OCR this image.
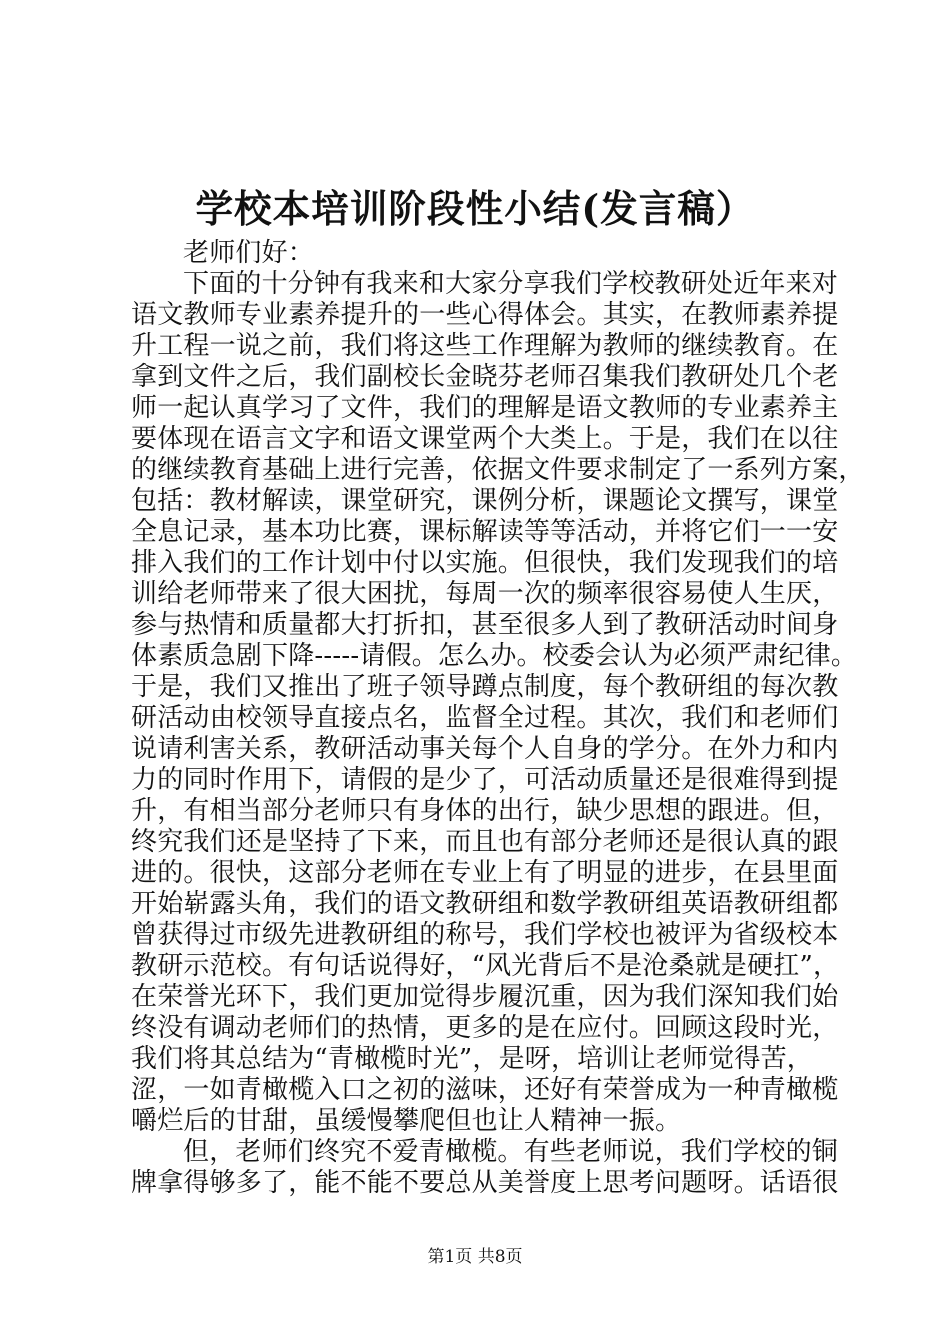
学校本培训阶段性小结(发言稿）
老师们好：
下面的十分钟有我来和大家分享我们学校教研处近年来对
语文教师专业素养提升的一些心得体会。其实，在教师素养提
升工程一说之前，我们将这些工作理解为教师的继续教育。在
拿到文件之后，我们副校长金晓芬老师召集我们教研处几个老
师一起认真学习了文件，我们的理解是语文教师的专业素养主
要体现在语言文字和语文课堂两个大类上。于是，我们在以往
的继续教育基础上进行完善，依据文件要求制定了一系列方案，
包括：教材解读，课堂研究，课例分析，课题论文撰写，课堂
全息记录，基本功比赛，课标解读等等活动，并将它们一一安
排入我们的工作计划中付以实施。但很快，我们发现我们的培
训给老师带来了很大困扰，每周一次的频率很容易使人生厌，
参与热情和质量都大打折扣，甚至很多人到了教研活动时间身
体素质急剧下降-----请假。怎么办。校委会认为必须严肃纪律。
于是，我们又推出了班子领导蹲点制度，每个教研组的每次教
研活动由校领导直接点名，监督全过程。其次，我们和老师们
说请利害关系，教研活动事关每个人自身的学分。在外力和内
力的同时作用下，请假的是少了，可活动质量还是很难得到提
升，有相当部分老师只有身体的出行，缺少思想的跟进。但，
终究我们还是坚持了下来，而且也有部分老师还是很认真的跟
进的。很快，这部分老师在专业上有了明显的进步，在县里面
开始崭露头角，我们的语文教研组和数学教研组英语教研组都
曾获得过市级先进教研组的称号，我们学校也被评为省级校本
教研示范校。有句话说得好，“风光背后不是沧桑就是硬扛”，
在荣誉光环下，我们更加觉得步履沉重，因为我们深知我们始
终没有调动老师们的热情，更多的是在应付。回顾这段时光，
我们将其总结为“青橄榄时光”，是呀，培训让老师觉得苦，
涩，一如青橄榄入口之初的滋味，还好有荣誉成为一种青橄榄
嚼烂后的甘甜，虽缓慢攀爬但也让人精神一振。
但，老师们终究不爱青橄榄。有些老师说，我们学校的铜
牌拿得够多了，能不能不要总从美誉度上思考问题呀。话语很
第1页 共8页
